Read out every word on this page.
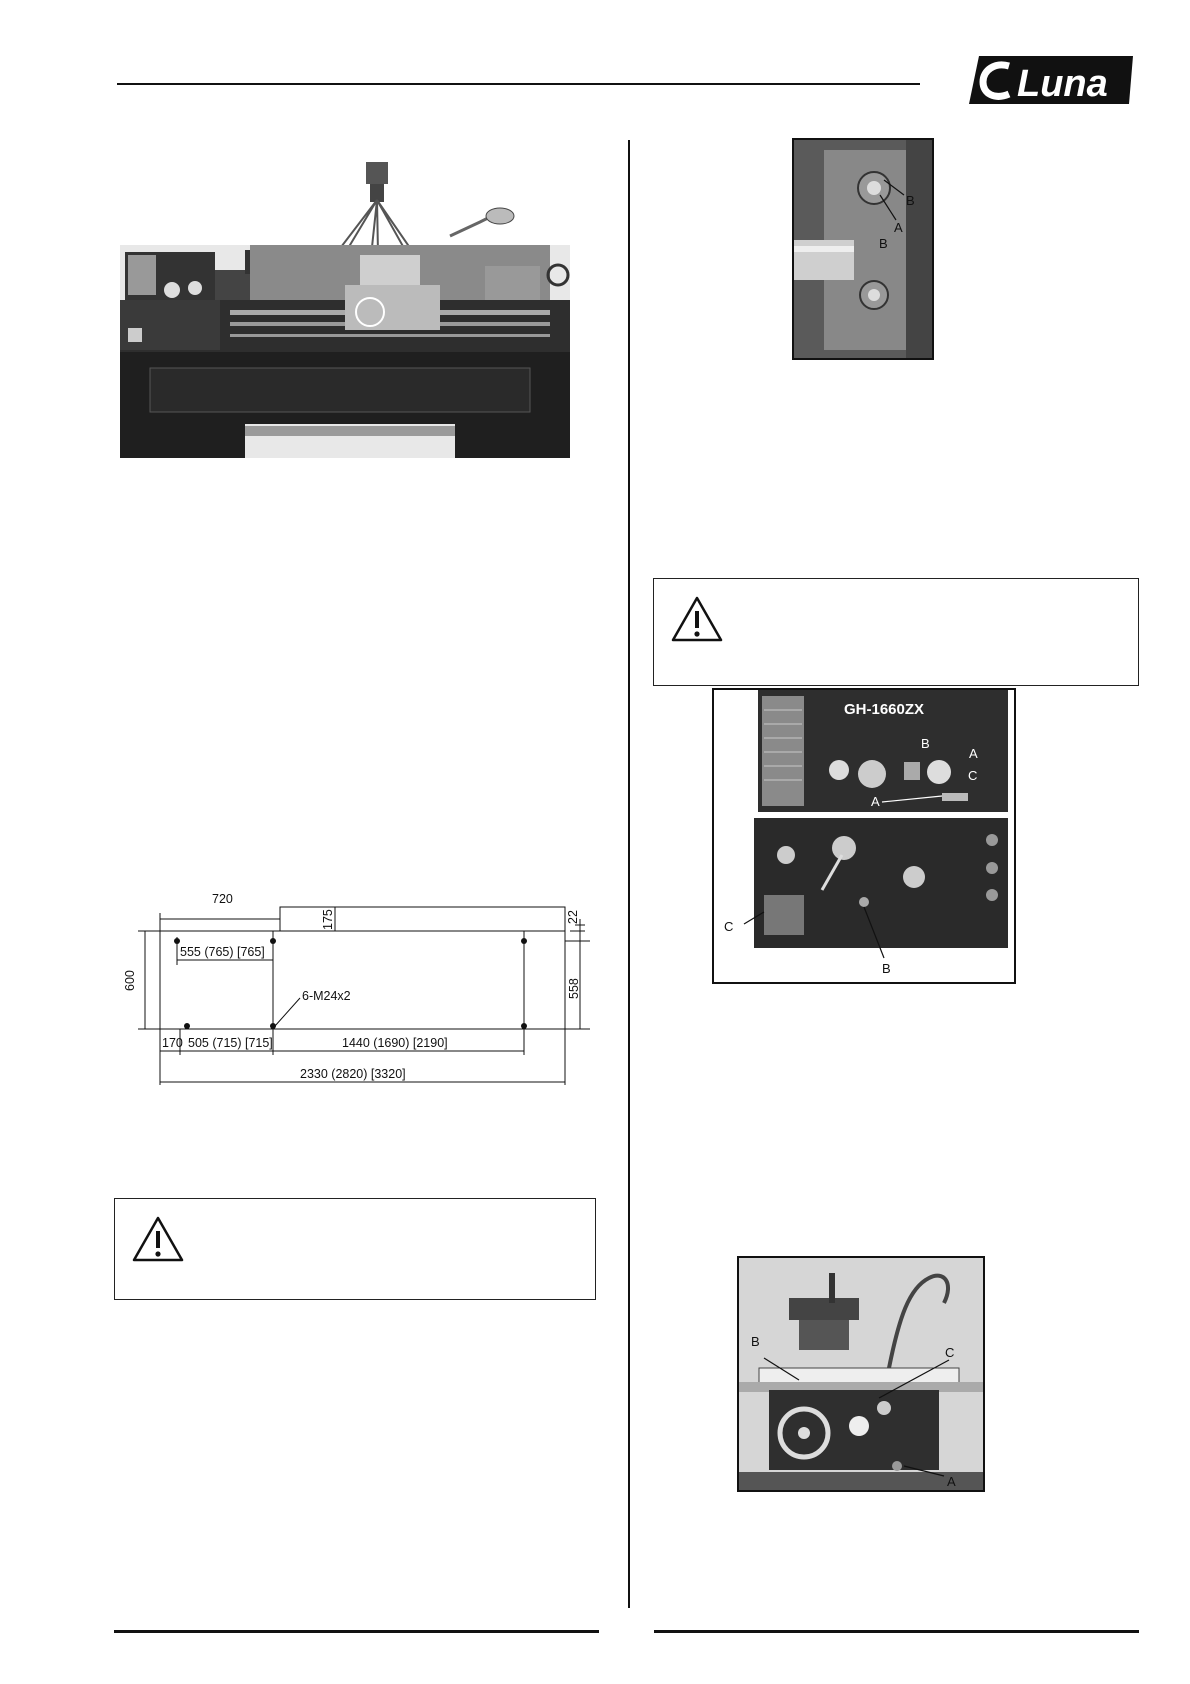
Luna
720
175	22
600	558
555 (765) [765]
6-M24x2
170 505 (715) [715]	1440 (1690) [2190]
2330 (2820) [3320]
B
B
A
GH-1660ZX
A
B
C
A
C
B
B
C
A
